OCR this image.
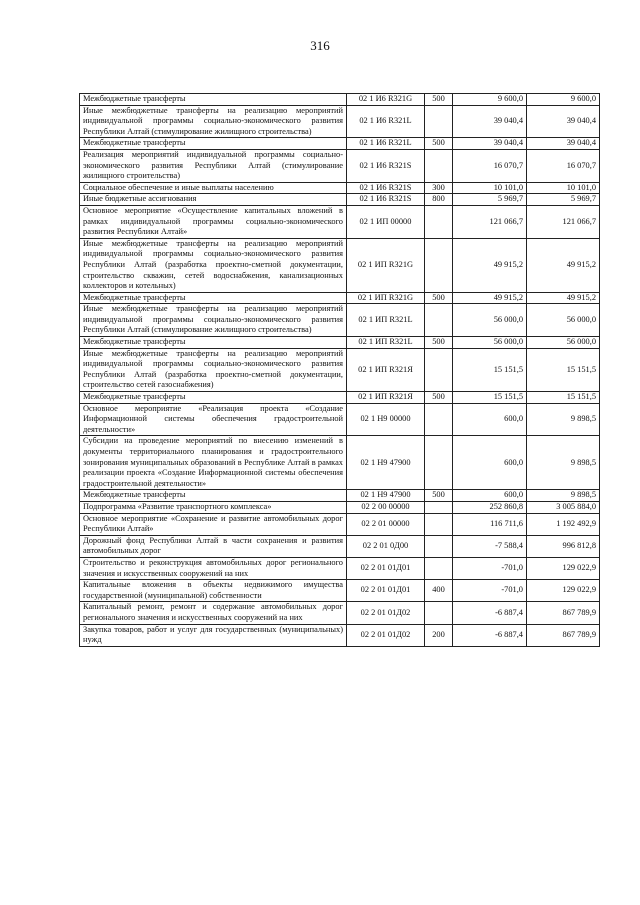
316
Межбюджетные трансферты	02 1 И6 R321G	500	9 600,0	9 600,0
Иные межбюджетные трансферты на реализацию мероприятий индивидуальной программы социально-экономического развития Республики Алтай (стимулирование жилищного строительства)	02 1 И6 R321L		39 040,4	39 040,4
Межбюджетные трансферты	02 1 И6 R321L	500	39 040,4	39 040,4
Реализация мероприятий индивидуальной программы социально-экономического развития Республики Алтай (стимулирование жилищного строительства)	02 1 И6 R321S		16 070,7	16 070,7
Социальное обеспечение и иные выплаты населению	02 1 И6 R321S	300	10 101,0	10 101,0
Иные бюджетные ассигнования	02 1 И6 R321S	800	5 969,7	5 969,7
Основное мероприятие «Осуществление капитальных вложений в рамках индивидуальной программы социально-экономического развития Республики Алтай»	02 1 ИП 00000		121 066,7	121 066,7
Иные межбюджетные трансферты на реализацию мероприятий индивидуальной программы социально-экономического развития Республики Алтай (разработка проектно-сметной документации, строительство скважин, сетей водоснабжения, канализационных коллекторов и котельных)	02 1 ИП R321G		49 915,2	49 915,2
Межбюджетные трансферты	02 1 ИП R321G	500	49 915,2	49 915,2
Иные межбюджетные трансферты на реализацию мероприятий индивидуальной программы социально-экономического развития Республики Алтай (стимулирование жилищного строительства)	02 1 ИП R321L		56 000,0	56 000,0
Межбюджетные трансферты	02 1 ИП R321L	500	56 000,0	56 000,0
Иные межбюджетные трансферты на реализацию мероприятий индивидуальной программы социально-экономического развития Республики Алтай (разработка проектно-сметной документации, строительство сетей газоснабжения)	02 1 ИП R321Я		15 151,5	15 151,5
Межбюджетные трансферты	02 1 ИП R321Я	500	15 151,5	15 151,5
Основное мероприятие «Реализация проекта «Создание Информационной системы обеспечения градостроительной деятельности»	02 1 Н9 00000		600,0	9 898,5
Субсидии на проведение мероприятий по внесению изменений в документы территориального планирования и градостроительного зонирования муниципальных образований в Республике Алтай в рамках реализации проекта «Создание Информационной системы обеспечения градостроительной деятельности»	02 1 Н9 47900		600,0	9 898,5
Межбюджетные трансферты	02 1 Н9 47900	500	600,0	9 898,5
Подпрограмма «Развитие транспортного комплекса»	02 2 00 00000		252 860,8	3 005 884,0
Основное мероприятие «Сохранение и развитие автомобильных дорог Республики Алтай»	02 2 01 00000		116 711,6	1 192 492,9
Дорожный фонд Республики Алтай в части сохранения и развития автомобильных дорог	02 2 01 0Д00		-7 588,4	996 812,8
Строительство и реконструкция автомобильных дорог регионального значения и искусственных сооружений на них	02 2 01 01Д01		-701,0	129 022,9
Капитальные вложения в объекты недвижимого имущества государственной (муниципальной) собственности	02 2 01 01Д01	400	-701,0	129 022,9
Капитальный ремонт, ремонт и содержание автомобильных дорог регионального значения и искусственных сооружений на них	02 2 01 01Д02		-6 887,4	867 789,9
Закупка товаров, работ и услуг для государственных (муниципальных) нужд	02 2 01 01Д02	200	-6 887,4	867 789,9
